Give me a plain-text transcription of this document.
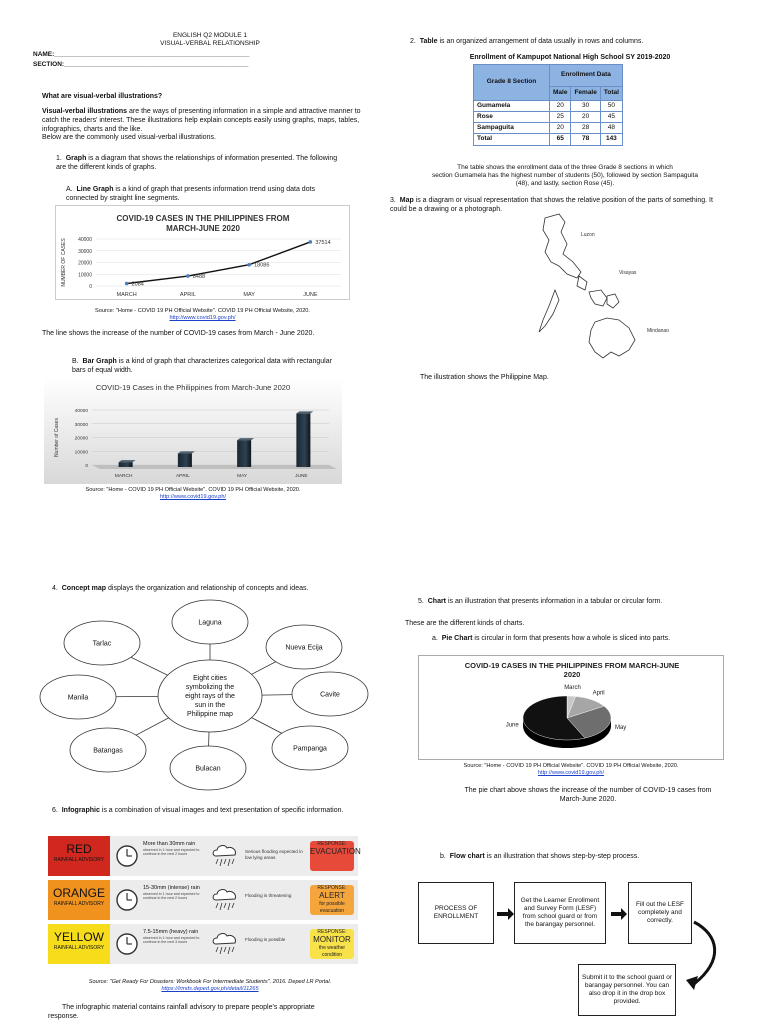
ENGLISH Q2 MODULE 1
VISUAL-VERBAL RELATIONSHIP
NAME:______________________________________________________
SECTION:___________________________________________________
What are visual-verbal illustrations?
Visual-verbal illustrations are the ways of presenting information in a simple and attractive manner to catch the readers' interest. These illustrations help explain concepts easily using graphs, maps, tables, infographics, charts and the like.
Below are the commonly used visual-verbal illustrations.
1. Graph is a diagram that shows the relationships of information presented. The following are the different kinds of graphs.
A. Line Graph is a kind of graph that presents information trend using data dots connected by straight line segments.
COVID-19 CASES IN THE PHILIPPINES FROM
MARCH-JUNE 2020
40000
30000
20000
10000
0
NUMBER OF CASES	2084
MARCH
8488
APRIL
18086
MAY
37514
JUNE
Source: "Home - COVID 19 PH Official Website". COVID 19 PH Official Website, 2020.
http://www.covid19.gov.ph/
The line shows the increase of the number of COVID-19 cases from March - June 2020.
B. Bar Graph is a kind of graph that characterizes categorical data with rectangular bars of equal width.
COVID-19 Cases in the Philippines from March-June 2020
40000
30000
20000
10000
0
Number of Cases
MARCH	APRIL	MAY	JUNE
Source: "Home - COVID 19 PH Official Website". COVID 19 PH Official Website, 2020.
http://www.covid19.gov.ph/
2. Table is an organized arrangement of data usually in rows and columns.
Enrollment of Kampupot National High School SY 2019-2020
Grade 8 Section	Enrollment Data		
	Male	Female	Total
Gumamela	20	30	50
Rose	25	20	45
Sampaguita	20	28	48
Total	65	78	143
The table shows the enrollment data of the three Grade 8 sections in which
section Gumamela has the highest number of students (50), followed by section Sampaguita
(48), and lastly, section Rose (45).
3. Map is a diagram or visual representation that shows the relative position of the parts of something. It could be a drawing or a photograph.
Luzon
Visayas
Mindanao
The illustration shows the Philippine Map.
4. Concept map displays the organization and relationship of concepts and ideas.
Eight cities
symbolizing the
eight rays of the
sun in the
Philippine map
Laguna
Tarlac
Nueva Ecija
Manila	Cavite
Batangas	Pampanga
Bulacan
6. Infographic is a combination of visual images and text presentation of specific information.
RED
RAINFALL ADVISORY
More than 30mm rain
observed in 1 hour and expected to continue in the next 2 hours
Serious flooding expected in low lying areas
RESPONSE:
EVACUATION
ORANGE
RAINFALL ADVISORY
15-30mm (intense) rain
observed in 1 hour and expected to continue in the next 2 hours
Flooding is threatening
RESPONSE:
ALERT
for possible evacuation
YELLOW
RAINFALL ADVISORY
7.5-15mm (heavy) rain
observed in 1 hour and expected to continue in the next 3 hours
Flooding is possible
RESPONSE:
MONITOR
the weather condition
Source: "Get Ready For Disasters: Workbook For Intermediate Students". 2016. Deped LR Portal.
https://lrmds.deped.gov.ph/detail/11265
The infographic material contains rainfall advisory to prepare people's appropriate
response.
5. Chart is an illustration that presents information in a tabular or circular form.
These are the different kinds of charts.
a. Pie Chart is circular in form that presents how a whole is sliced into parts.
COVID-19 CASES IN THE PHILIPPINES FROM MARCH-JUNE
2020
March
April
May
June
Source: "Home - COVID 19 PH Official Website". COVID 19 PH Official Website, 2020.
http://www.covid19.gov.ph/
The pie chart above shows the increase of the number of COVID-19 cases from
March-June 2020.
b. Flow chart is an illustration that shows step-by-step process.
PROCESS OF ENROLLMENT
Get the Learner Enrollment and Survey Form (LESF) from school guard or from the barangay personnel.
Fill out the LESF completely and correctly.
Submit it to the school guard or barangay personnel. You can also drop it in the drop box provided.
